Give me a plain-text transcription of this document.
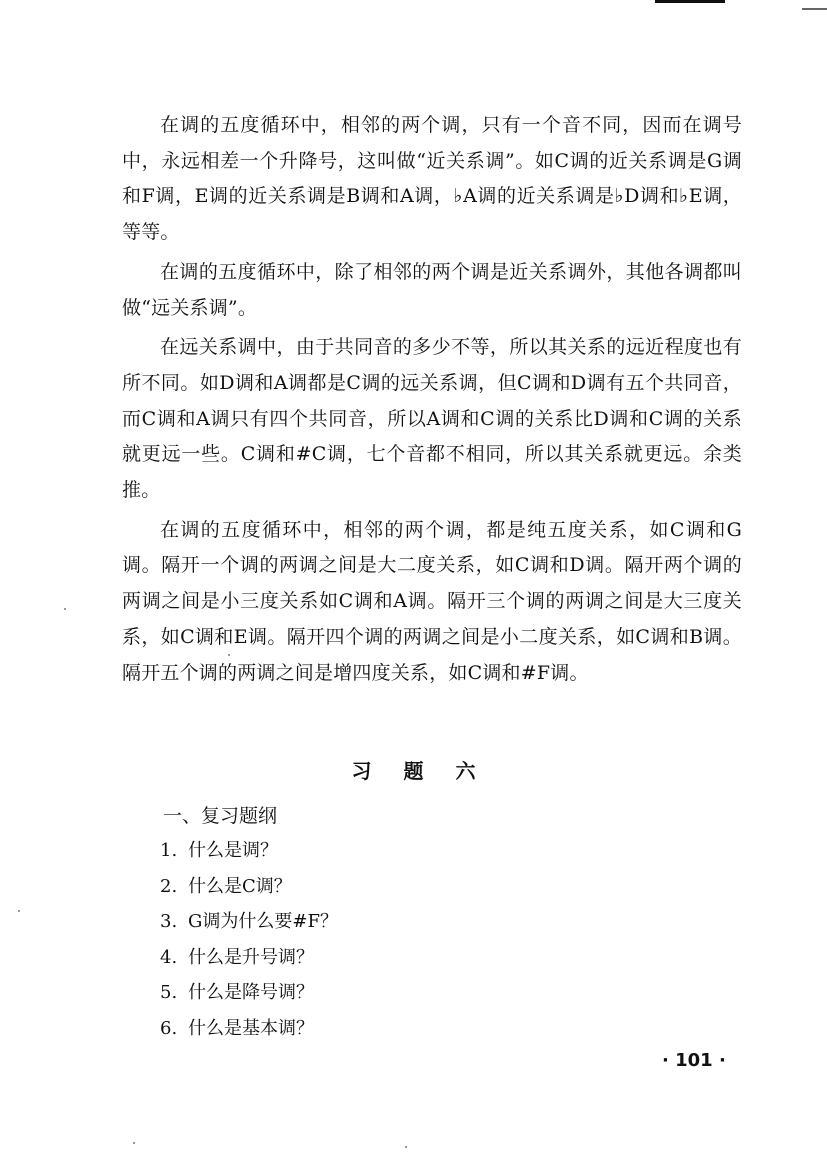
在调的五度循环中，相邻的两个调，只有一个音不同，因而在调号中，永远相差一个升降号，这叫做“近关系调”。如C调的近关系调是G调和F调，E调的近关系调是B调和A调，♭A调的近关系调是♭D调和♭E调，等等。

在调的五度循环中，除了相邻的两个调是近关系调外，其他各调都叫做“远关系调”。

在远关系调中，由于共同音的多少不等，所以其关系的远近程度也有所不同。如D调和A调都是C调的远关系调，但C调和D调有五个共同音，而C调和A调只有四个共同音，所以A调和C调的关系比D调和C调的关系就更远一些。C调和#C调，七个音都不相同，所以其关系就更远。余类推。

在调的五度循环中，相邻的两个调，都是纯五度关系，如C调和G调。隔开一个调的两调之间是大二度关系，如C调和D调。隔开两个调的两调之间是小三度关系如C调和A调。隔开三个调的两调之间是大三度关系，如C调和E调。隔开四个调的两调之间是小二度关系，如C调和B调。隔开五个调的两调之间是增四度关系，如C调和#F调。

习 题 六
一、复习题纲
1. 什么是调？
2. 什么是C调？
3. G调为什么要#F？
4. 什么是升号调？
5. 什么是降号调？
6. 什么是基本调？
· 101 ·
